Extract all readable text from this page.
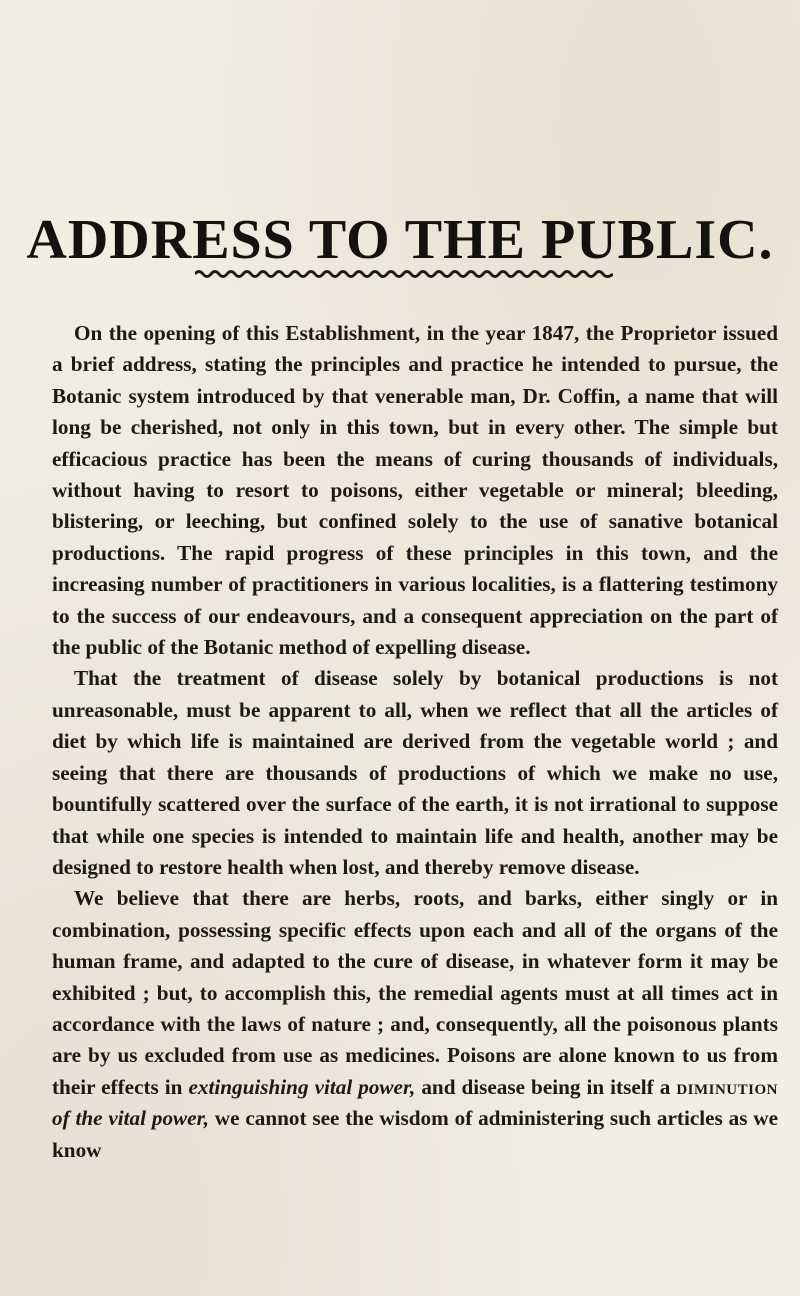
ADDRESS TO THE PUBLIC.

On the opening of this Establishment, in the year 1847, the Proprietor issued a brief address, stating the principles and practice he intended to pursue, the Botanic system introduced by that venerable man, Dr. Coffin, a name that will long be cherished, not only in this town, but in every other. The simple but efficacious practice has been the means of curing thousands of individuals, without having to resort to poisons, either vegetable or mineral; bleeding, blistering, or leeching, but confined solely to the use of sanative botanical productions. The rapid progress of these principles in this town, and the increasing number of practitioners in various localities, is a flattering testimony to the success of our endeavours, and a consequent appreciation on the part of the public of the Botanic method of expelling disease.

That the treatment of disease solely by botanical productions is not unreasonable, must be apparent to all, when we reflect that all the articles of diet by which life is maintained are derived from the vegetable world ; and seeing that there are thousands of productions of which we make no use, bountifully scattered over the surface of the earth, it is not irrational to suppose that while one species is intended to maintain life and health, another may be designed to restore health when lost, and thereby remove disease.

We believe that there are herbs, roots, and barks, either singly or in combination, possessing specific effects upon each and all of the organs of the human frame, and adapted to the cure of disease, in whatever form it may be exhibited ; but, to accomplish this, the remedial agents must at all times act in accordance with the laws of nature ; and, consequently, all the poisonous plants are by us excluded from use as medicines. Poisons are alone known to us from their effects in extinguishing vital power, and disease being in itself a diminution of the vital power, we cannot see the wisdom of administering such articles as we know
